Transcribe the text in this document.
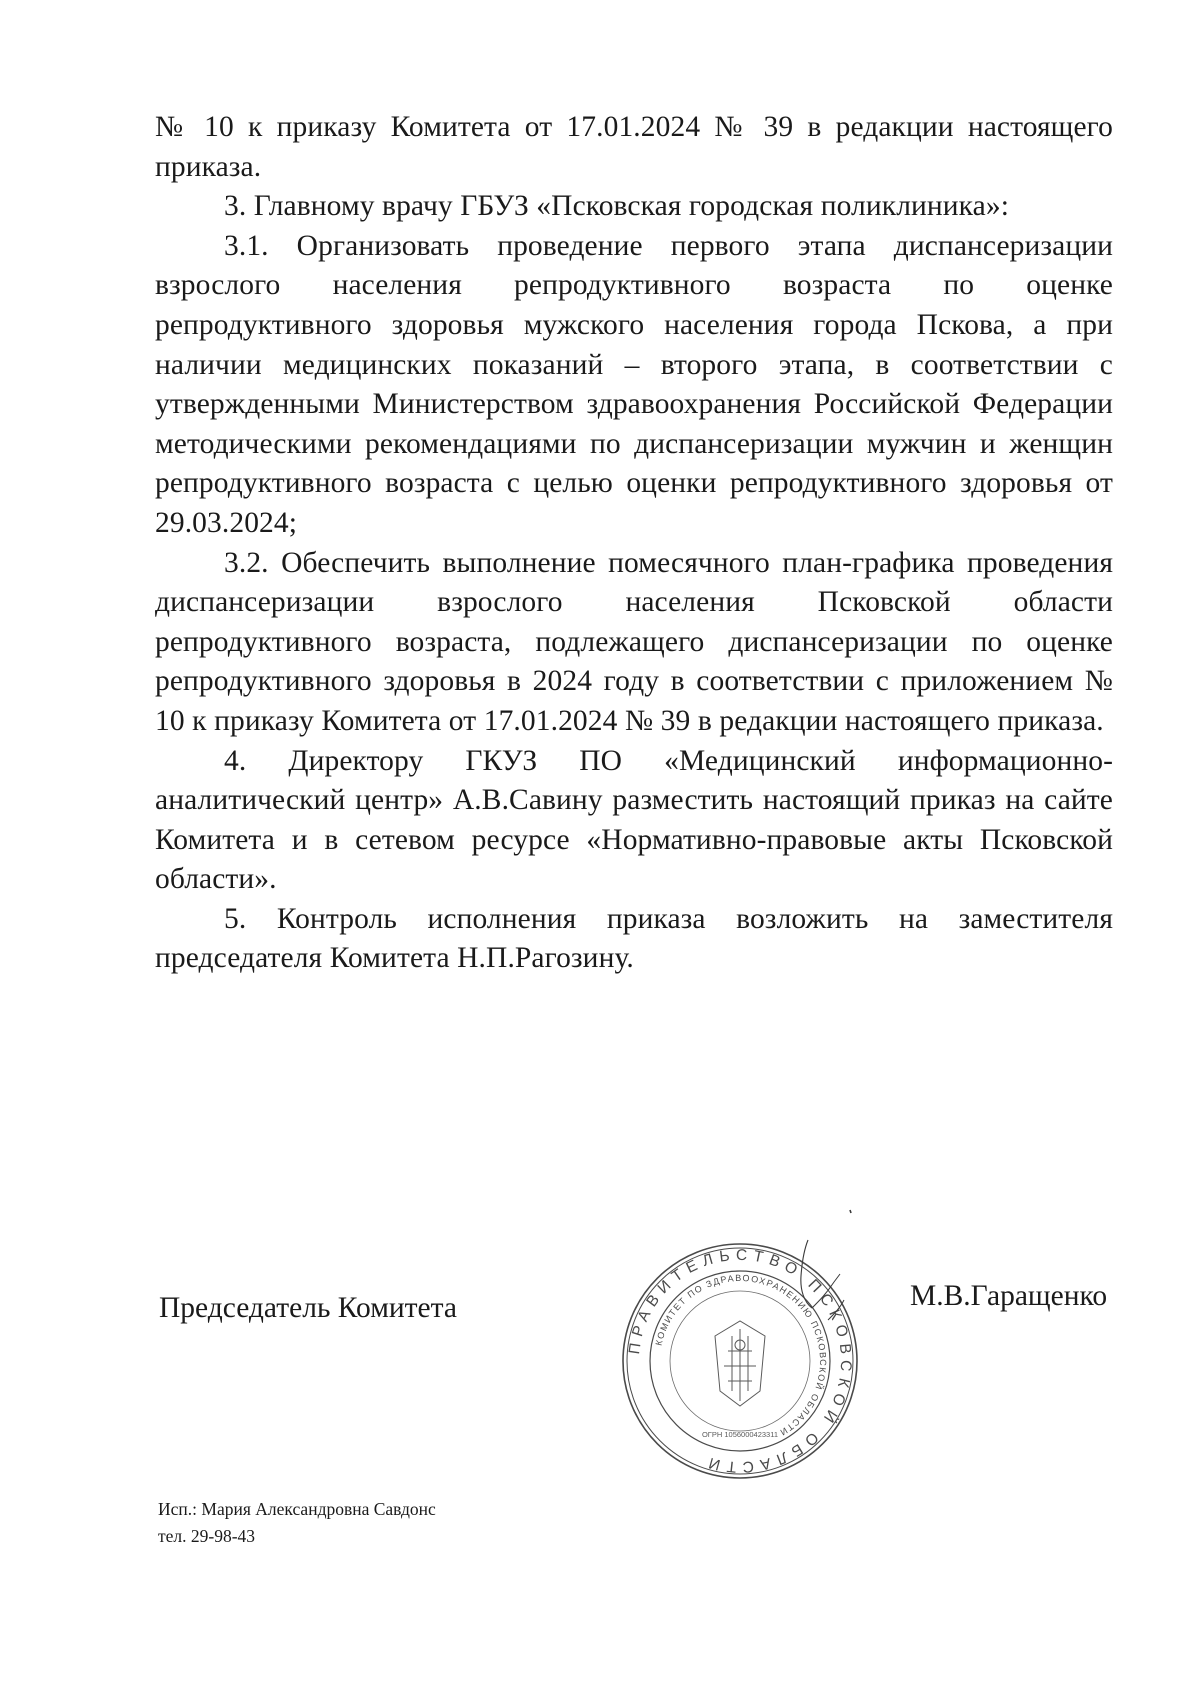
№ 10 к приказу Комитета от 17.01.2024 № 39 в редакции настоящего приказа.

3. Главному врачу ГБУЗ «Псковская городская поликлиника»:

3.1. Организовать проведение первого этапа диспансеризации взрослого населения репродуктивного возраста по оценке репродуктивного здоровья мужского населения города Пскова, а при наличии медицинских показаний – второго этапа, в соответствии с утвержденными Министерством здравоохранения Российской Федерации методическими рекомендациями по диспансеризации мужчин и женщин репродуктивного возраста с целью оценки репродуктивного здоровья от 29.03.2024;

3.2. Обеспечить выполнение помесячного план-графика проведения диспансеризации взрослого населения Псковской области репродуктивного возраста, подлежащего диспансеризации по оценке репродуктивного здоровья в 2024 году в соответствии с приложением № 10 к приказу Комитета от 17.01.2024 № 39 в редакции настоящего приказа.

4. Директору ГКУЗ ПО «Медицинский информационно-аналитический центр» А.В.Савину разместить настоящий приказ на сайте Комитета и в сетевом ресурсе «Нормативно-правовые акты Псковской области».

5. Контроль исполнения приказа возложить на заместителя председателя Комитета Н.П.Рагозину.

Председатель Комитета
ПРАВИТЕЛЬСТВО ПСКОВСКОЙ ОБЛАСТИ
КОМИТЕТ ПО ЗДРАВООХРАНЕНИЮ ПСКОВСКОЙ ОБЛАСТИ
ОГРН 1056000423311
М.В.Гаращенко
Исп.: Мария Александровна Савдонс
тел. 29-98-43
